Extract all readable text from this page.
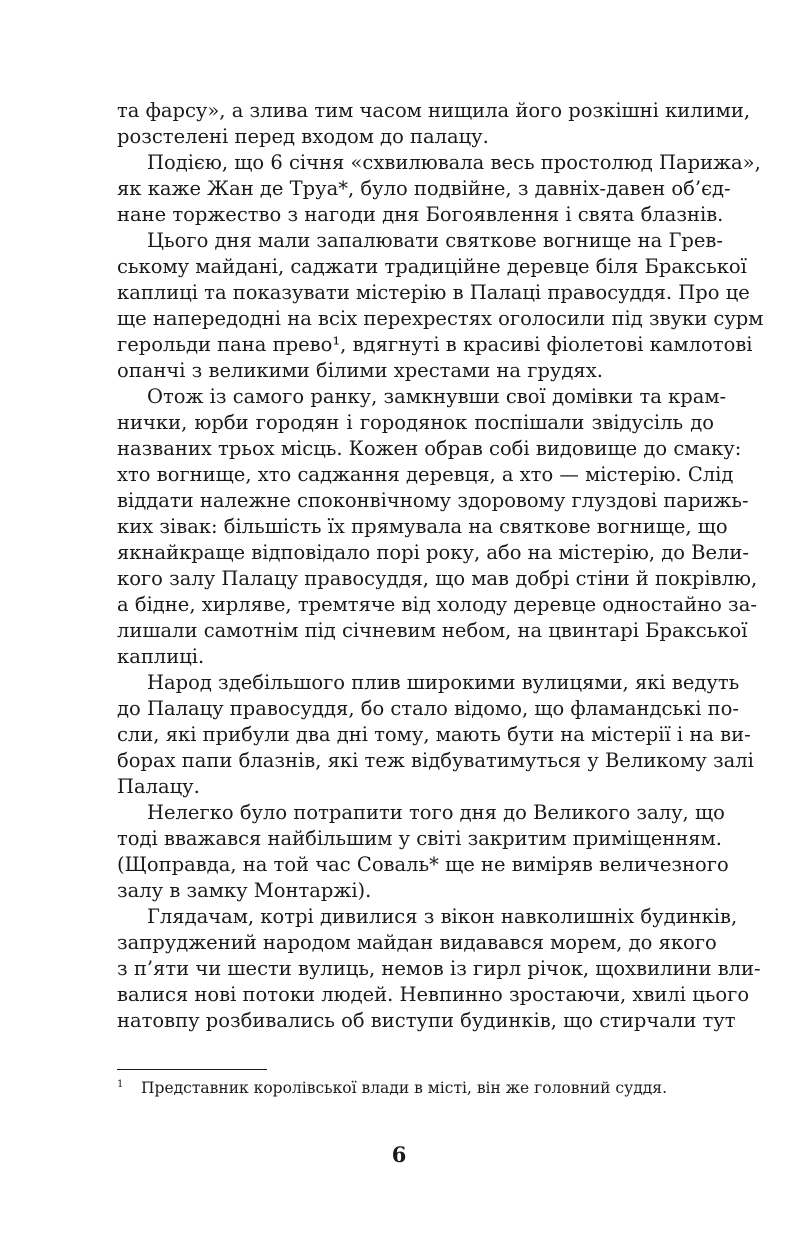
та фарсу», а злива тим часом нищила його розкішні килими,
розстелені перед входом до палацу.
Подією, що 6 січня «схвилювала весь простолюд Парижа»,
як каже Жан де Труа*, було подвійне, з давніх-давен об’єд-
нане торжество з нагоди дня Богоявлення і свята блазнів.
Цього дня мали запалювати святкове вогнище на Грев-
ському майдані, саджати традиційне деревце біля Бракської
каплиці та показувати містерію в Палаці правосуддя. Про це
ще напередодні на всіх перехрестях оголосили під звуки сурм
герольди пана прево¹, вдягнуті в красиві фіолетові камлотові
опанчі з великими білими хрестами на грудях.
Отож із самого ранку, замкнувши свої домівки та крам-
нички, юрби городян і городянок поспішали звідусіль до
названих трьох місць. Кожен обрав собі видовище до смаку:
хто вогнище, хто саджання деревця, а хто — містерію. Слід
віддати належне споконвічному здоровому глуздові парижь-
ких зівак: більшість їх прямувала на святкове вогнище, що
якнайкраще відповідало порі року, або на містерію, до Вели-
кого залу Палацу правосуддя, що мав добрі стіни й покрівлю,
а бідне, хирляве, тремтяче від холоду деревце одностайно за-
лишали самотнім під січневим небом, на цвинтарі Бракської
каплиці.
Народ здебільшого плив широкими вулицями, які ведуть
до Палацу правосуддя, бо стало відомо, що фламандські по-
сли, які прибули два дні тому, мають бути на містерії і на ви-
борах папи блазнів, які теж відбуватимуться у Великому залі
Палацу.
Нелегко було потрапити того дня до Великого залу, що
тоді вважався найбільшим у світі закритим приміщенням.
(Щоправда, на той час Соваль* ще не виміряв величезного
залу в замку Монтаржі).
Глядачам, котрі дивилися з вікон навколишніх будинків,
запруджений народом майдан видавався морем, до якого
з п’яти чи шести вулиць, немов із гирл річок, щохвилини вли-
валися нові потоки людей. Невпинно зростаючи, хвилі цього
натовпу розбивались об виступи будинків, що стирчали тут
1 Представник королівської влади в місті, він же головний суддя.
6
